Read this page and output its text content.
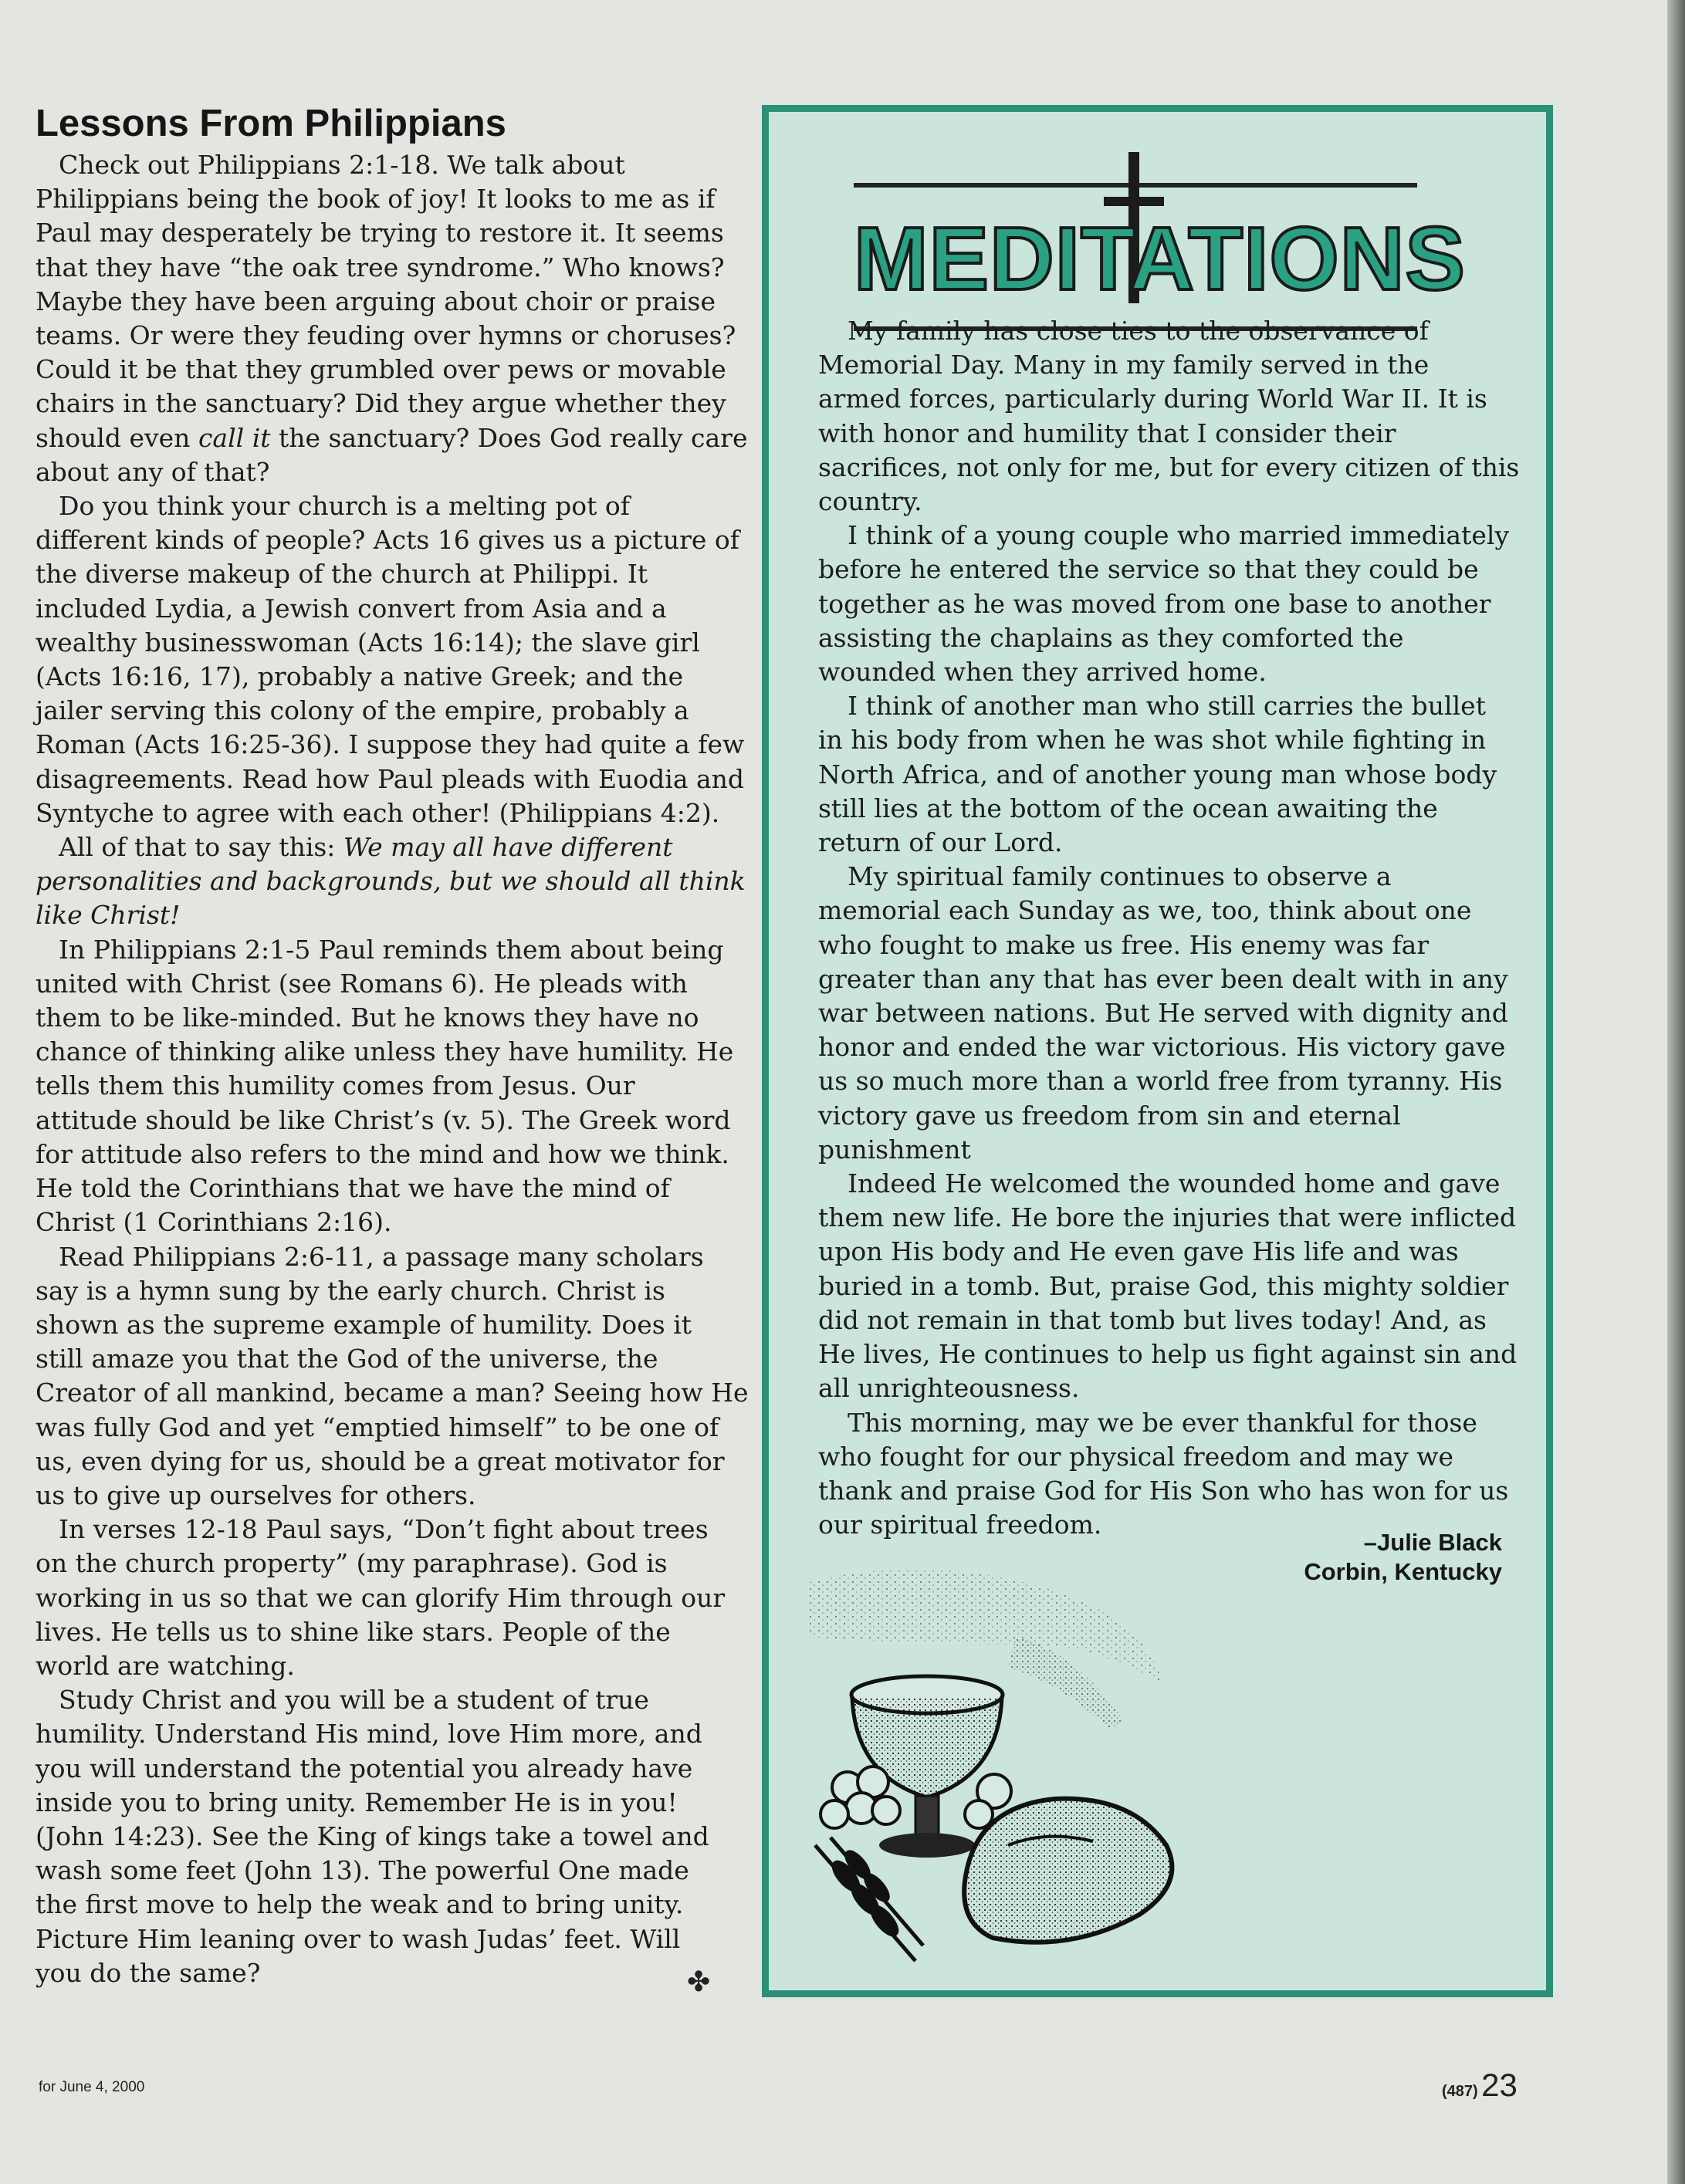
Lessons From Philippians

Check out Philippians 2:1-18. We talk about
Philippians being the book of joy! It looks to me as if
Paul may desperately be trying to restore it. It seems
that they have “the oak tree syndrome.” Who knows?
Maybe they have been arguing about choir or praise
teams. Or were they feuding over hymns or choruses?
Could it be that they grumbled over pews or movable
chairs in the sanctuary? Did they argue whether they
should even call it the sanctuary? Does God really care
about any of that?

Do you think your church is a melting pot of
different kinds of people? Acts 16 gives us a picture of
the diverse makeup of the church at Philippi. It
included Lydia, a Jewish convert from Asia and a
wealthy businesswoman (Acts 16:14); the slave girl
(Acts 16:16, 17), probably a native Greek; and the
jailer serving this colony of the empire, probably a
Roman (Acts 16:25-36). I suppose they had quite a few
disagreements. Read how Paul pleads with Euodia and
Syntyche to agree with each other! (Philippians 4:2).

All of that to say this: We may all have different
personalities and backgrounds, but we should all think
like Christ!

In Philippians 2:1-5 Paul reminds them about being
united with Christ (see Romans 6). He pleads with
them to be like-minded. But he knows they have no
chance of thinking alike unless they have humility. He
tells them this humility comes from Jesus. Our
attitude should be like Christ’s (v. 5). The Greek word
for attitude also refers to the mind and how we think.
He told the Corinthians that we have the mind of
Christ (1 Corinthians 2:16).

Read Philippians 2:6-11, a passage many scholars
say is a hymn sung by the early church. Christ is
shown as the supreme example of humility. Does it
still amaze you that the God of the universe, the
Creator of all mankind, became a man? Seeing how He
was fully God and yet “emptied himself” to be one of
us, even dying for us, should be a great motivator for
us to give up ourselves for others.

In verses 12-18 Paul says, “Don’t fight about trees
on the church property” (my paraphrase). God is
working in us so that we can glorify Him through our
lives. He tells us to shine like stars. People of the
world are watching.

Study Christ and you will be a student of true
humility. Understand His mind, love Him more, and
you will understand the potential you already have
inside you to bring unity. Remember He is in you!
(John 14:23). See the King of kings take a towel and
wash some feet (John 13). The powerful One made
the first move to help the weak and to bring unity.
Picture Him leaning over to wash Judas’ feet. Will
you do the same?	✤
MEDITATIONS

My family has close ties to the observance of
Memorial Day. Many in my family served in the
armed forces, particularly during World War II. It is
with honor and humility that I consider their
sacrifices, not only for me, but for every citizen of this
country.

I think of a young couple who married immediately
before he entered the service so that they could be
together as he was moved from one base to another
assisting the chaplains as they comforted the
wounded when they arrived home.

I think of another man who still carries the bullet
in his body from when he was shot while fighting in
North Africa, and of another young man whose body
still lies at the bottom of the ocean awaiting the
return of our Lord.

My spiritual family continues to observe a
memorial each Sunday as we, too, think about one
who fought to make us free. His enemy was far
greater than any that has ever been dealt with in any
war between nations. But He served with dignity and
honor and ended the war victorious. His victory gave
us so much more than a world free from tyranny. His
victory gave us freedom from sin and eternal
punishment

Indeed He welcomed the wounded home and gave
them new life. He bore the injuries that were inflicted
upon His body and He even gave His life and was
buried in a tomb. But, praise God, this mighty soldier
did not remain in that tomb but lives today! And, as
He lives, He continues to help us fight against sin and
all unrighteousness.

This morning, may we be ever thankful for those
who fought for our physical freedom and may we
thank and praise God for His Son who has won for us
our spiritual freedom.

–Julie Black
Corbin, Kentucky
for June 4, 2000	(487) 23
